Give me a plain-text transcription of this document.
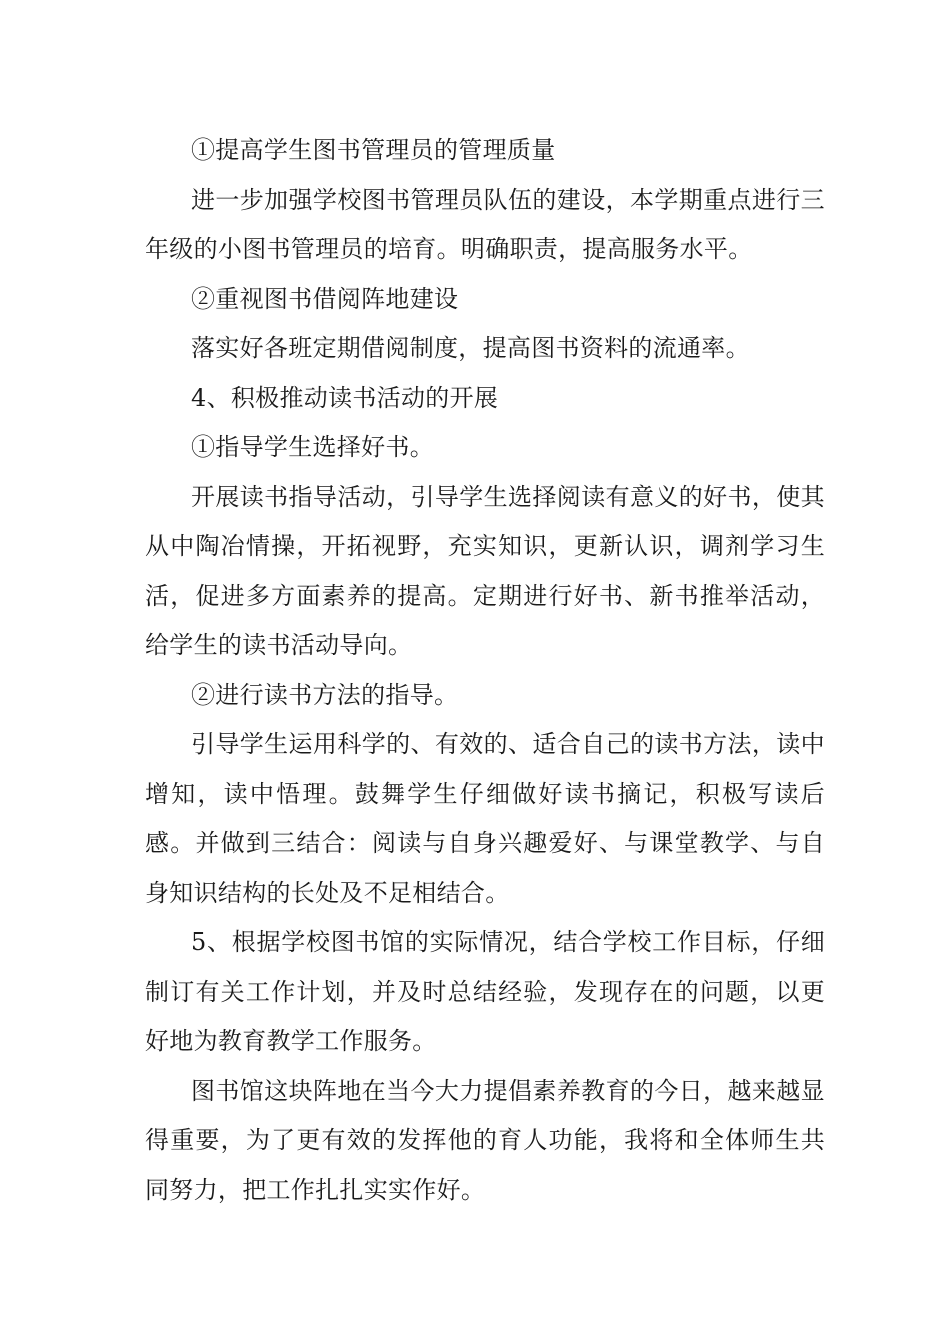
①提高学生图书管理员的管理质量

进一步加强学校图书管理员队伍的建设，本学期重点进行三年级的小图书管理员的培育。明确职责，提高服务水平。

②重视图书借阅阵地建设

落实好各班定期借阅制度，提高图书资料的流通率。

4、积极推动读书活动的开展

①指导学生选择好书。

开展读书指导活动，引导学生选择阅读有意义的好书，使其从中陶冶情操，开拓视野，充实知识，更新认识，调剂学习生活，促进多方面素养的提高。定期进行好书、新书推举活动，给学生的读书活动导向。

②进行读书方法的指导。

引导学生运用科学的、有效的、适合自己的读书方法，读中增知，读中悟理。鼓舞学生仔细做好读书摘记，积极写读后感。并做到三结合：阅读与自身兴趣爱好、与课堂教学、与自身知识结构的长处及不足相结合。

5、根据学校图书馆的实际情况，结合学校工作目标，仔细制订有关工作计划，并及时总结经验，发现存在的问题，以更好地为教育教学工作服务。

图书馆这块阵地在当今大力提倡素养教育的今日，越来越显得重要，为了更有效的发挥他的育人功能，我将和全体师生共同努力，把工作扎扎实实作好。
